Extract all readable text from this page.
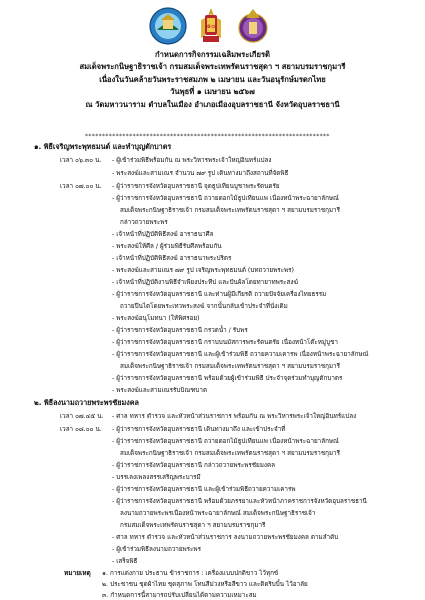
๑๐
กำหนดการกิจกรรมเฉลิมพระเกียรติ
สมเด็จพระกนิษฐาธิราชเจ้า กรมสมเด็จพระเทพรัตนราชสุดา ฯ สยามบรมราชกุมารี
เนื่องในวันคล้ายวันพระราชสมภพ ๒ เมษายน และวันอนุรักษ์มรดกไทย
วันพุธที่ ๑ เมษายน ๒๕๖๗
ณ วัดมหาวนาราม ตำบลในเมือง อำเภอเมืองอุบลราชธานี จังหวัดอุบลราชธานี
************************************************************************
๑. พิธีเจริญพระพุทธมนต์ และทำบุญตักบาตร
เวลา ๐๖.๓๐ น.	- ผู้เข้าร่วมพิธีพร้อมกัน ณ พระวิหารพระเจ้าใหญ่อินทร์แปลง
- พระสงฆ์และสามเณร จำนวน ๗๙ รูป เดินทางมาถึงสถานที่จัดพิธี
เวลา ๐๗.๐๐ น.	- ผู้ว่าราชการจังหวัดอุบลราชธานี จุดธูปเทียนบูชาพระรัตนตรัย
- ผู้ว่าราชการจังหวัดอุบลราชธานี ถวายดอกไม้ธูปเทียนแพ เนื่องหน้าพระฉายาลักษณ์
สมเด็จพระกนิษฐาธิราชเจ้า กรมสมเด็จพระเทพรัตนราชสุดา ฯ สยามบรมราชกุมารี
กล่าวถวายพระพร
- เจ้าหน้าที่ปฏิบัติพิธีสงฆ์ อาราธนาศีล
- พระสงฆ์ให้ศีล / ผู้ร่วมพิธีรับศีลพร้อมกัน
- เจ้าหน้าที่ปฏิบัติพิธีสงฆ์ อาราธนาพระปริตร
- พระสงฆ์และสามเณร ๗๙ รูป เจริญพระพุทธมนต์ (บทถวายพระพร)
- เจ้าหน้าที่ปฏิบัติงานพิธีจำเพียงประทีป และปันผ้ลโดยทายาทพระสงฆ์
- ผู้ว่าราชการจังหวัดอุบลราชธานี และท่านผู้มีเกียรติ ถวายปัจจัยเครื่องไทยธรรม
ถวายปืนไตโดยพระเทวพระสงฆ์ จากนั้นกลับเข้าประจำที่นั่งเดิม
- พระสงฆ์อนุโมทนา (ให้พิศรอย)
- ผู้ว่าราชการจังหวัดอุบลราชธานี กรวดน้ำ / รับพร
- ผู้ว่าราชการจังหวัดอุบลราชธานี กราบบนมัสการพระรัตนตรัย เนื่องหน้าโต๊ะหมู่บูชา
- ผู้ว่าราชการจังหวัดอุบลราชธานี และผู้เข้าร่วมพิธี ถวายความเคารพ เนื่องหน้าพระฉายาลักษณ์
สมเด็จพระกนิษฐาธิราชเจ้า กรมสมเด็จพระเทพรัตนราชสุดา ฯ สยามบรมราชกุมารี
- ผู้ว่าราชการจังหวัดอุบลราชธานี พร้อมด้วยผู้เข้าร่วมพิธี ประจำจุดร่วมทำบุญตักบาตร
- พระสงฆ์และสามเณรรับบิณฑบาต
๒. พิธีลงนามถวายพระพรชัยมงคล
เวลา ๐๗.๔๕ น.	- ศาล ทหาร ตำรวจ และหัวหน้าส่วนราชการ พร้อมกัน ณ พระวิหารพระเจ้าใหญ่อินทร์แปลง
เวลา ๐๘.๐๐ น.	- ผู้ว่าราชการจังหวัดอุบลราชธานี เดินทางมาถึง และเข้าประจำที่
- ผู้ว่าราชการจังหวัดอุบลราชธานี ถวายดอกไม้ธูปเทียนแพ เนื่องหน้าพระฉายาลักษณ์
สมเด็จพระกนิษฐาธิราชเจ้า กรมสมเด็จพระเทพรัตนราชสุดา ฯ สยามบรมราชกุมารี
- ผู้ว่าราชการจังหวัดอุบลราชธานี กล่าวถวายพระพรชัยมงคล
- บรรเลงเพลงสรรเสริญพระบารมี
- ผู้ว่าราชการจังหวัดอุบลราชธานี และผู้เข้าร่วมพิธีถวายความเคารพ
- ผู้ว่าราชการจังหวัดอุบลราชธานี พร้อมด้วยภรรยาและหัวหน้าภาคราชการจังหวัดอุบลราชธานี
ลงนามถวายพระพรเนื่องหน้าพระฉายาลักษณ์ สมเด็จพระกนิษฐาธิราชเจ้า
กรมสมเด็จพระเทพรัตนราชสุดา ฯ สยามบรมราชกุมารี
- ศาล ทหาร ตำรวจ และหัวหน้าส่วนราชการ ลงนามถวายพระพรชัยมงคล ตามลำดับ
- ผู้เข้าร่วมพิธีลงนามถวายพระพร
- เสร็จพิธี
หมายเหตุ ๑. การแต่งกาย ประธาน ข้าราชการ : เครื่องแบบปกติขาว ไว้ทุกข์
๒. ประชาชน ชุดผ้าไทย ชุดสุภาพ โทนสีม่วงหรือสีขาว และติดริบบิ้น ไว้อาลัย
๓. กำหนดการนี้สามารถปรับเปลี่ยนได้ตามความเหมาะสม
